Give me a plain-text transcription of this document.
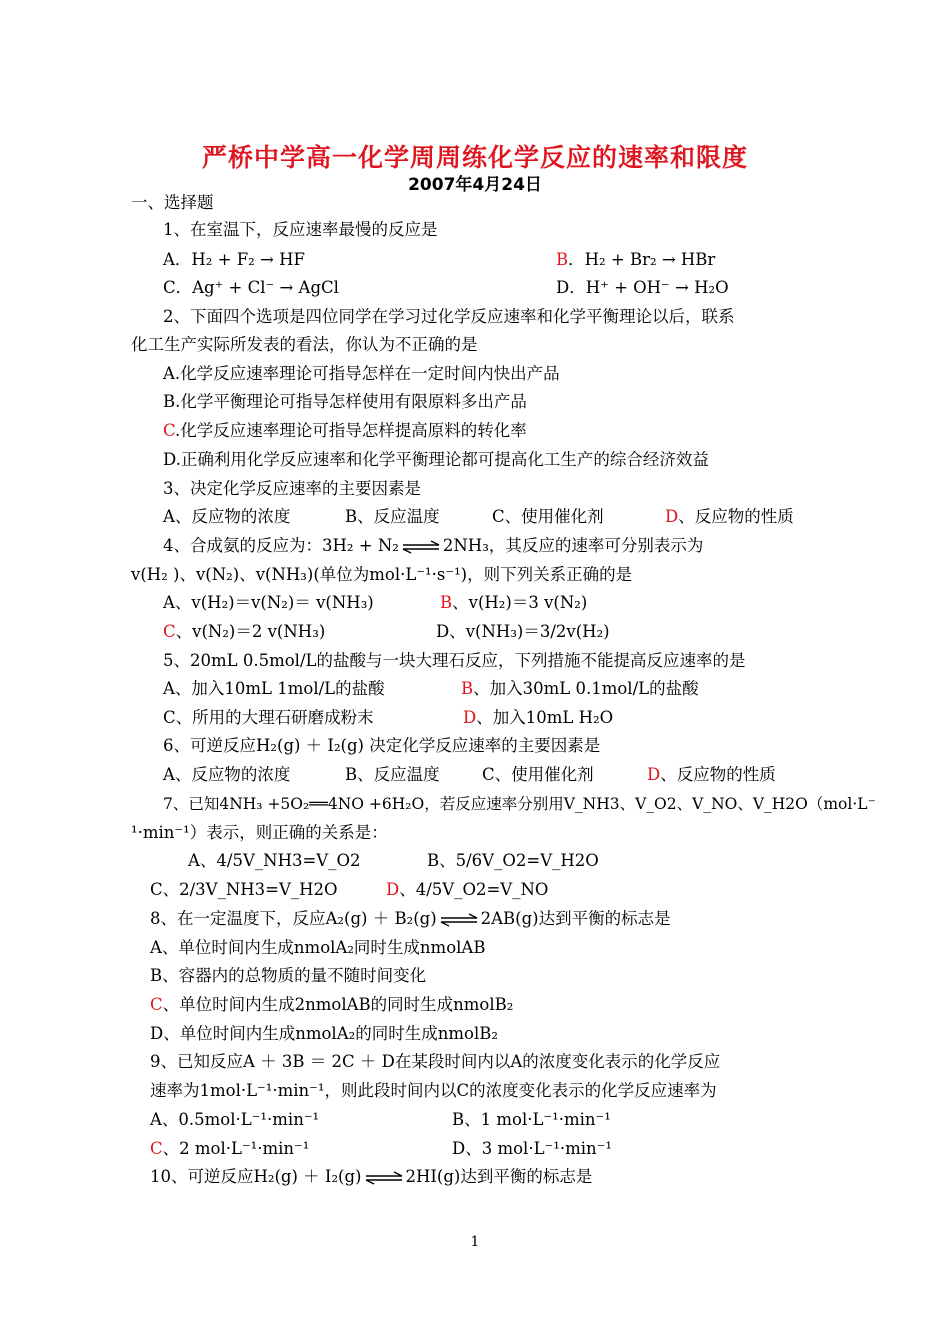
严桥中学高一化学周周练化学反应的速率和限度
2007年4月24日
一、选择题
1、在室温下，反应速率最慢的反应是
A．H₂ + F₂ → HF	B．H₂ + Br₂ → HBr
C．Ag⁺ + Cl⁻ → AgCl	D．H⁺ + OH⁻ → H₂O
2、下面四个选项是四位同学在学习过化学反应速率和化学平衡理论以后，联系
化工生产实际所发表的看法，你认为不正确的是
A.化学反应速率理论可指导怎样在一定时间内快出产品
B.化学平衡理论可指导怎样使用有限原料多出产品
C.化学反应速率理论可指导怎样提高原料的转化率
D.正确利用化学反应速率和化学平衡理论都可提高化工生产的综合经济效益
3、决定化学反应速率的主要因素是
A、反应物的浓度	B、反应温度	C、使用催化剂	D、反应物的性质
4、合成氨的反应为：3H₂ + N₂ ⇌ 2NH₃，其反应的速率可分别表示为
v(H₂ )、v(N₂)、v(NH₃)(单位为mol·L⁻¹·s⁻¹)，则下列关系正确的是
A、v(H₂)＝v(N₂)＝ v(NH₃)	B、v(H₂)＝3 v(N₂)
C、v(N₂)＝2 v(NH₃)	D、v(NH₃)＝3/2v(H₂)
5、20mL 0.5mol/L的盐酸与一块大理石反应，下列措施不能提高反应速率的是
A、加入10mL 1mol/L的盐酸	B、加入30mL 0.1mol/L的盐酸
C、所用的大理石研磨成粉末	D、加入10mL H₂O
6、可逆反应H₂(g) ＋ I₂(g) 决定化学反应速率的主要因素是
A、反应物的浓度	B、反应温度	C、使用催化剂	D、反应物的性质
7、已知4NH₃ +5O₂══4NO +6H₂O，若反应速率分别用V_NH3、V_O2、V_NO、V_H2O（mol·L⁻
¹·min⁻¹）表示，则正确的关系是：
A、4/5V_NH3=V_O2	B、5/6V_O2=V_H2O
C、2/3V_NH3=V_H2O	D、4/5V_O2=V_NO
8、在一定温度下，反应A₂(g) ＋ B₂(g) ⇌ 2AB(g)达到平衡的标志是
A、单位时间内生成nmolA₂同时生成nmolAB
B、容器内的总物质的量不随时间变化
C、单位时间内生成2nmolAB的同时生成nmolB₂
D、单位时间内生成nmolA₂的同时生成nmolB₂
9、已知反应A ＋ 3B ＝ 2C ＋ D在某段时间内以A的浓度变化表示的化学反应
速率为1mol·L⁻¹·min⁻¹，则此段时间内以C的浓度变化表示的化学反应速率为
A、0.5mol·L⁻¹·min⁻¹	B、1 mol·L⁻¹·min⁻¹
C、2 mol·L⁻¹·min⁻¹	D、3 mol·L⁻¹·min⁻¹
10、可逆反应H₂(g) ＋ I₂(g) ⇌ 2HI(g)达到平衡的标志是
1
